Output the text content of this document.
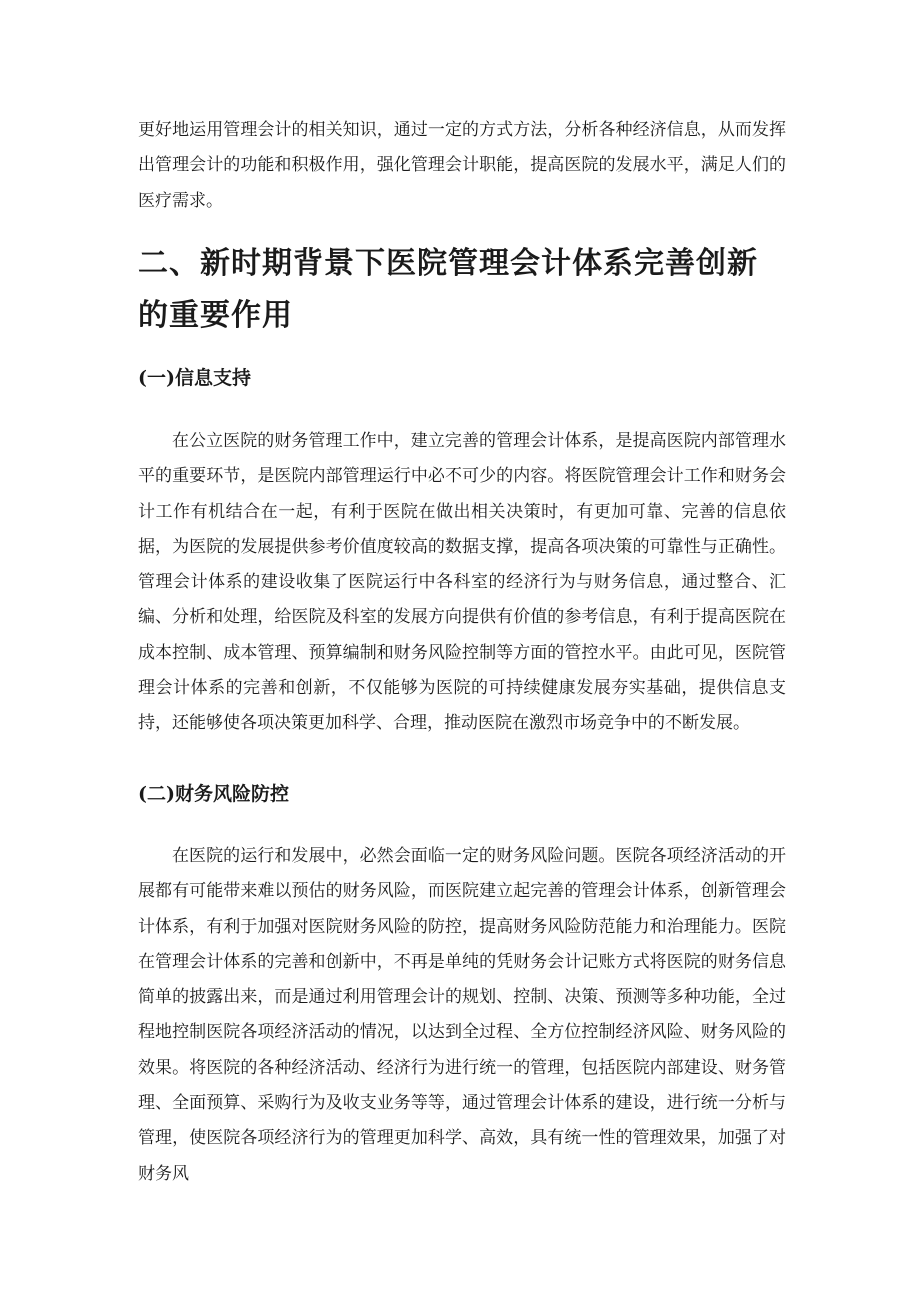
更好地运用管理会计的相关知识，通过一定的方式方法，分析各种经济信息，从而发挥出管理会计的功能和积极作用，强化管理会计职能，提高医院的发展水平，满足人们的医疗需求。

二、新时期背景下医院管理会计体系完善创新的重要作用
(一)信息支持

在公立医院的财务管理工作中，建立完善的管理会计体系，是提高医院内部管理水平的重要环节，是医院内部管理运行中必不可少的内容。将医院管理会计工作和财务会计工作有机结合在一起，有利于医院在做出相关决策时，有更加可靠、完善的信息依据，为医院的发展提供参考价值度较高的数据支撑，提高各项决策的可靠性与正确性。管理会计体系的建设收集了医院运行中各科室的经济行为与财务信息，通过整合、汇编、分析和处理，给医院及科室的发展方向提供有价值的参考信息，有利于提高医院在成本控制、成本管理、预算编制和财务风险控制等方面的管控水平。由此可见，医院管理会计体系的完善和创新，不仅能够为医院的可持续健康发展夯实基础，提供信息支持，还能够使各项决策更加科学、合理，推动医院在激烈市场竞争中的不断发展。

(二)财务风险防控

在医院的运行和发展中，必然会面临一定的财务风险问题。医院各项经济活动的开展都有可能带来难以预估的财务风险，而医院建立起完善的管理会计体系，创新管理会计体系，有利于加强对医院财务风险的防控，提高财务风险防范能力和治理能力。医院在管理会计体系的完善和创新中，不再是单纯的凭财务会计记账方式将医院的财务信息简单的披露出来，而是通过利用管理会计的规划、控制、决策、预测等多种功能，全过程地控制医院各项经济活动的情况，以达到全过程、全方位控制经济风险、财务风险的效果。将医院的各种经济活动、经济行为进行统一的管理，包括医院内部建设、财务管理、全面预算、采购行为及收支业务等等，通过管理会计体系的建设，进行统一分析与管理，使医院各项经济行为的管理更加科学、高效，具有统一性的管理效果，加强了对财务风
